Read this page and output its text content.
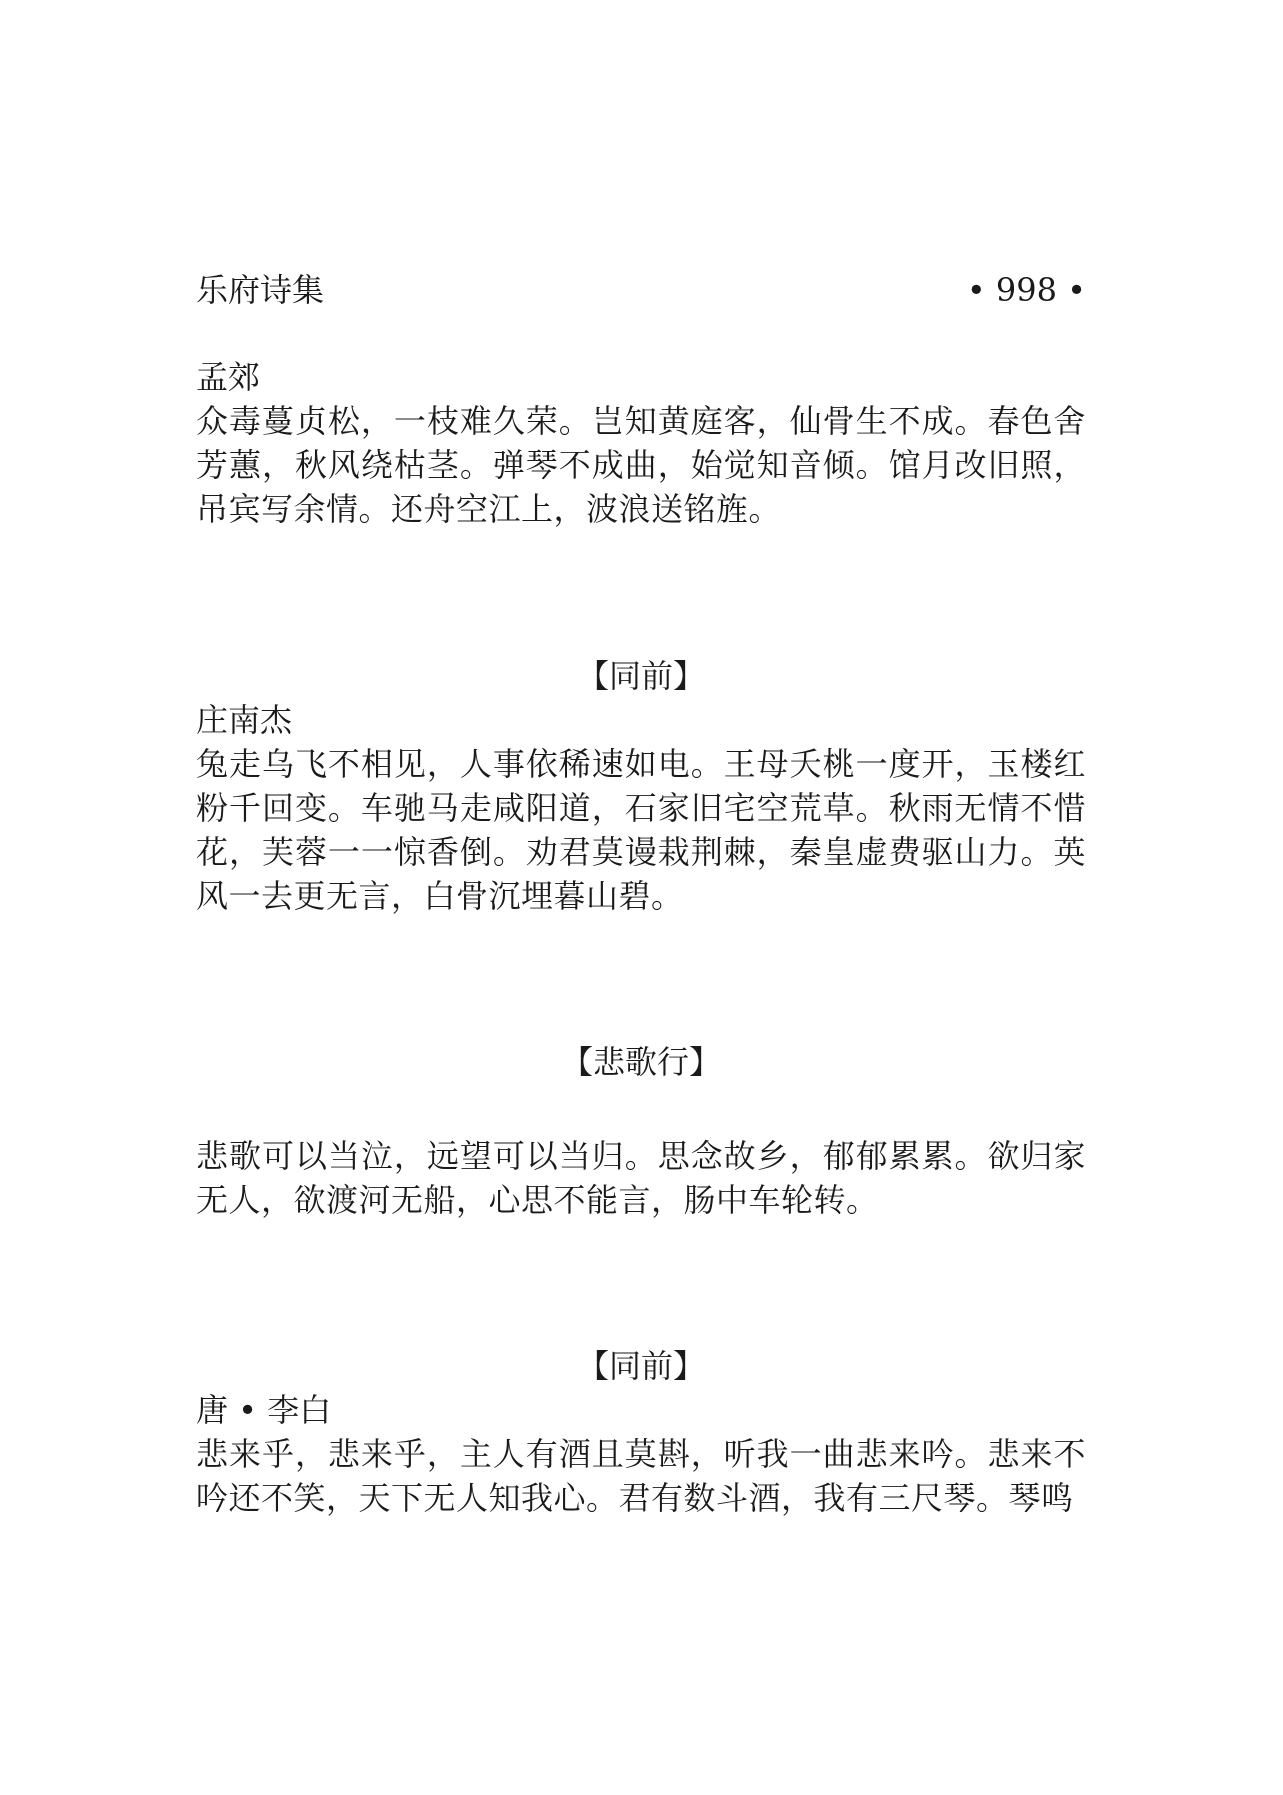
乐府诗集	• 998 •
孟郊
众毒蔓贞松，一枝难久荣。岂知黄庭客，仙骨生不成。春色舍芳蕙，秋风绕枯茎。弹琴不成曲，始觉知音倾。馆月改旧照，吊宾写余情。还舟空江上，波浪送铭旌。
【同前】
庄南杰
兔走乌飞不相见，人事依稀速如电。王母夭桃一度开，玉楼红粉千回变。车驰马走咸阳道，石家旧宅空荒草。秋雨无情不惜花，芙蓉一一惊香倒。劝君莫谩栽荆棘，秦皇虚费驱山力。英风一去更无言，白骨沉埋暮山碧。
【悲歌行】
悲歌可以当泣，远望可以当归。思念故乡，郁郁累累。欲归家无人，欲渡河无船，心思不能言，肠中车轮转。
【同前】
唐 • 李白
悲来乎，悲来乎，主人有酒且莫斟，听我一曲悲来吟。悲来不吟还不笑，天下无人知我心。君有数斗酒，我有三尺琴。琴鸣
